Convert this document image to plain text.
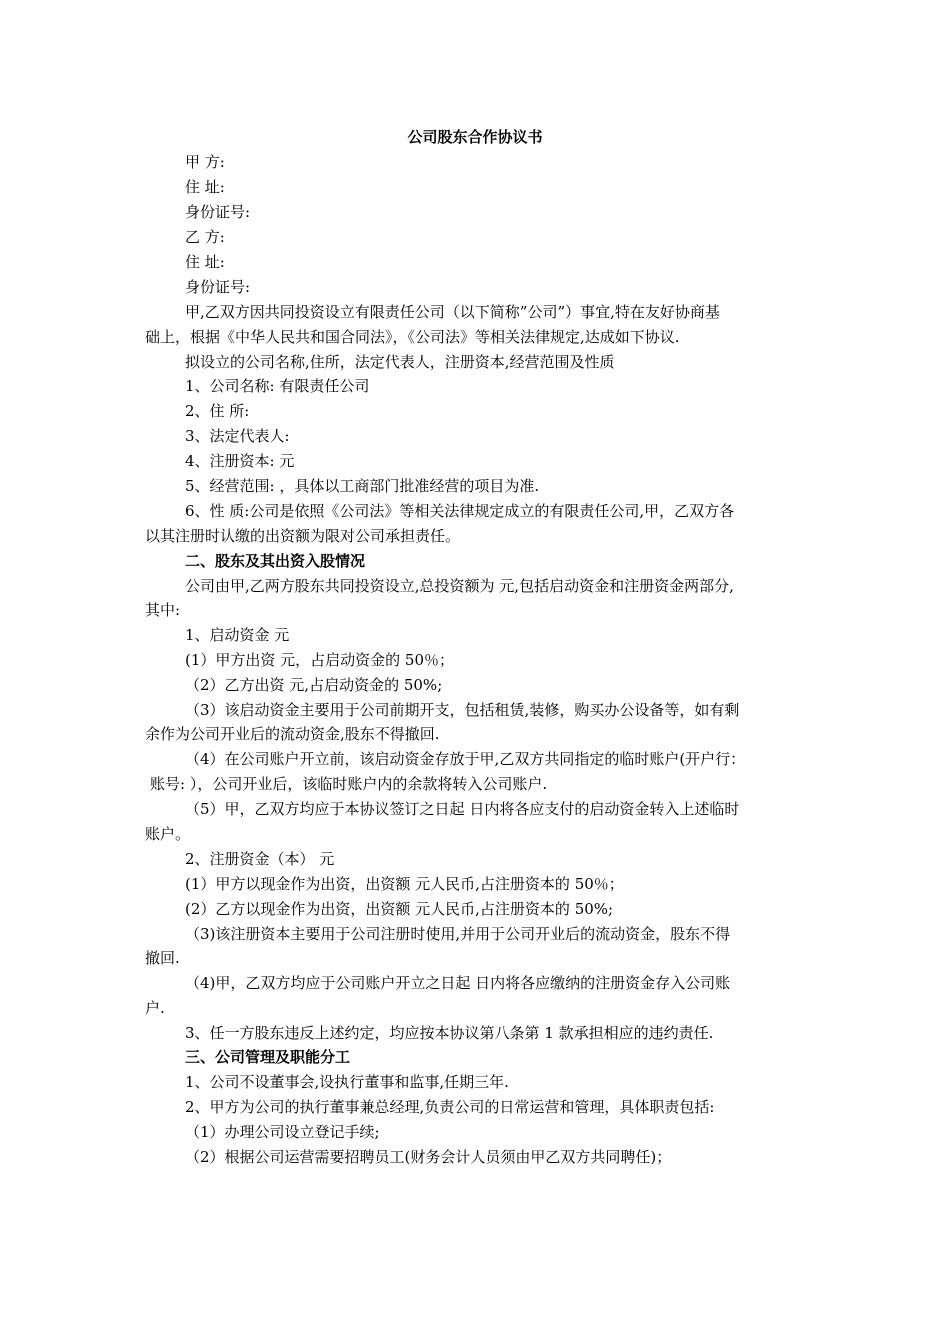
公司股东合作协议书
甲 方:
住 址:
身份证号:
乙 方:
住 址:
身份证号:
甲,乙双方因共同投资设立有限责任公司（以下简称”公司”）事宜,特在友好协商基
础上，根据《中华人民共和国合同法》，《公司法》等相关法律规定,达成如下协议.
拟设立的公司名称,住所，法定代表人，注册资本,经营范围及性质
1、公司名称: 有限责任公司
2、住 所:
3、法定代表人:
4、注册资本: 元
5、经营范围: ，具体以工商部门批准经营的项目为准.
6、性 质:公司是依照《公司法》等相关法律规定成立的有限责任公司,甲，乙双方各
以其注册时认缴的出资额为限对公司承担责任。
二、股东及其出资入股情况
公司由甲,乙两方股东共同投资设立,总投资额为 元,包括启动资金和注册资金两部分,
其中:
1、启动资金 元
(1）甲方出资 元，占启动资金的 50％；
（2）乙方出资 元,占启动资金的 50%;
（3）该启动资金主要用于公司前期开支，包括租赁,装修，购买办公设备等，如有剩
余作为公司开业后的流动资金,股东不得撤回.
（4）在公司账户开立前，该启动资金存放于甲,乙双方共同指定的临时账户(开户行：
账号: ），公司开业后，该临时账户内的余款将转入公司账户.
（5）甲，乙双方均应于本协议签订之日起 日内将各应支付的启动资金转入上述临时
账户。
2、注册资金（本） 元
(1）甲方以现金作为出资，出资额 元人民币,占注册资本的 50％；
(2）乙方以现金作为出资，出资额 元人民币,占注册资本的 50%;
（3)该注册资本主要用于公司注册时使用,并用于公司开业后的流动资金，股东不得
撤回.
（4)甲，乙双方均应于公司账户开立之日起 日内将各应缴纳的注册资金存入公司账
户.
3、任一方股东违反上述约定，均应按本协议第八条第 1 款承担相应的违约责任.
三、公司管理及职能分工
1、公司不设董事会,设执行董事和监事,任期三年.
2、甲方为公司的执行董事兼总经理,负责公司的日常运营和管理，具体职责包括:
（1）办理公司设立登记手续;
（2）根据公司运营需要招聘员工(财务会计人员须由甲乙双方共同聘任)；
